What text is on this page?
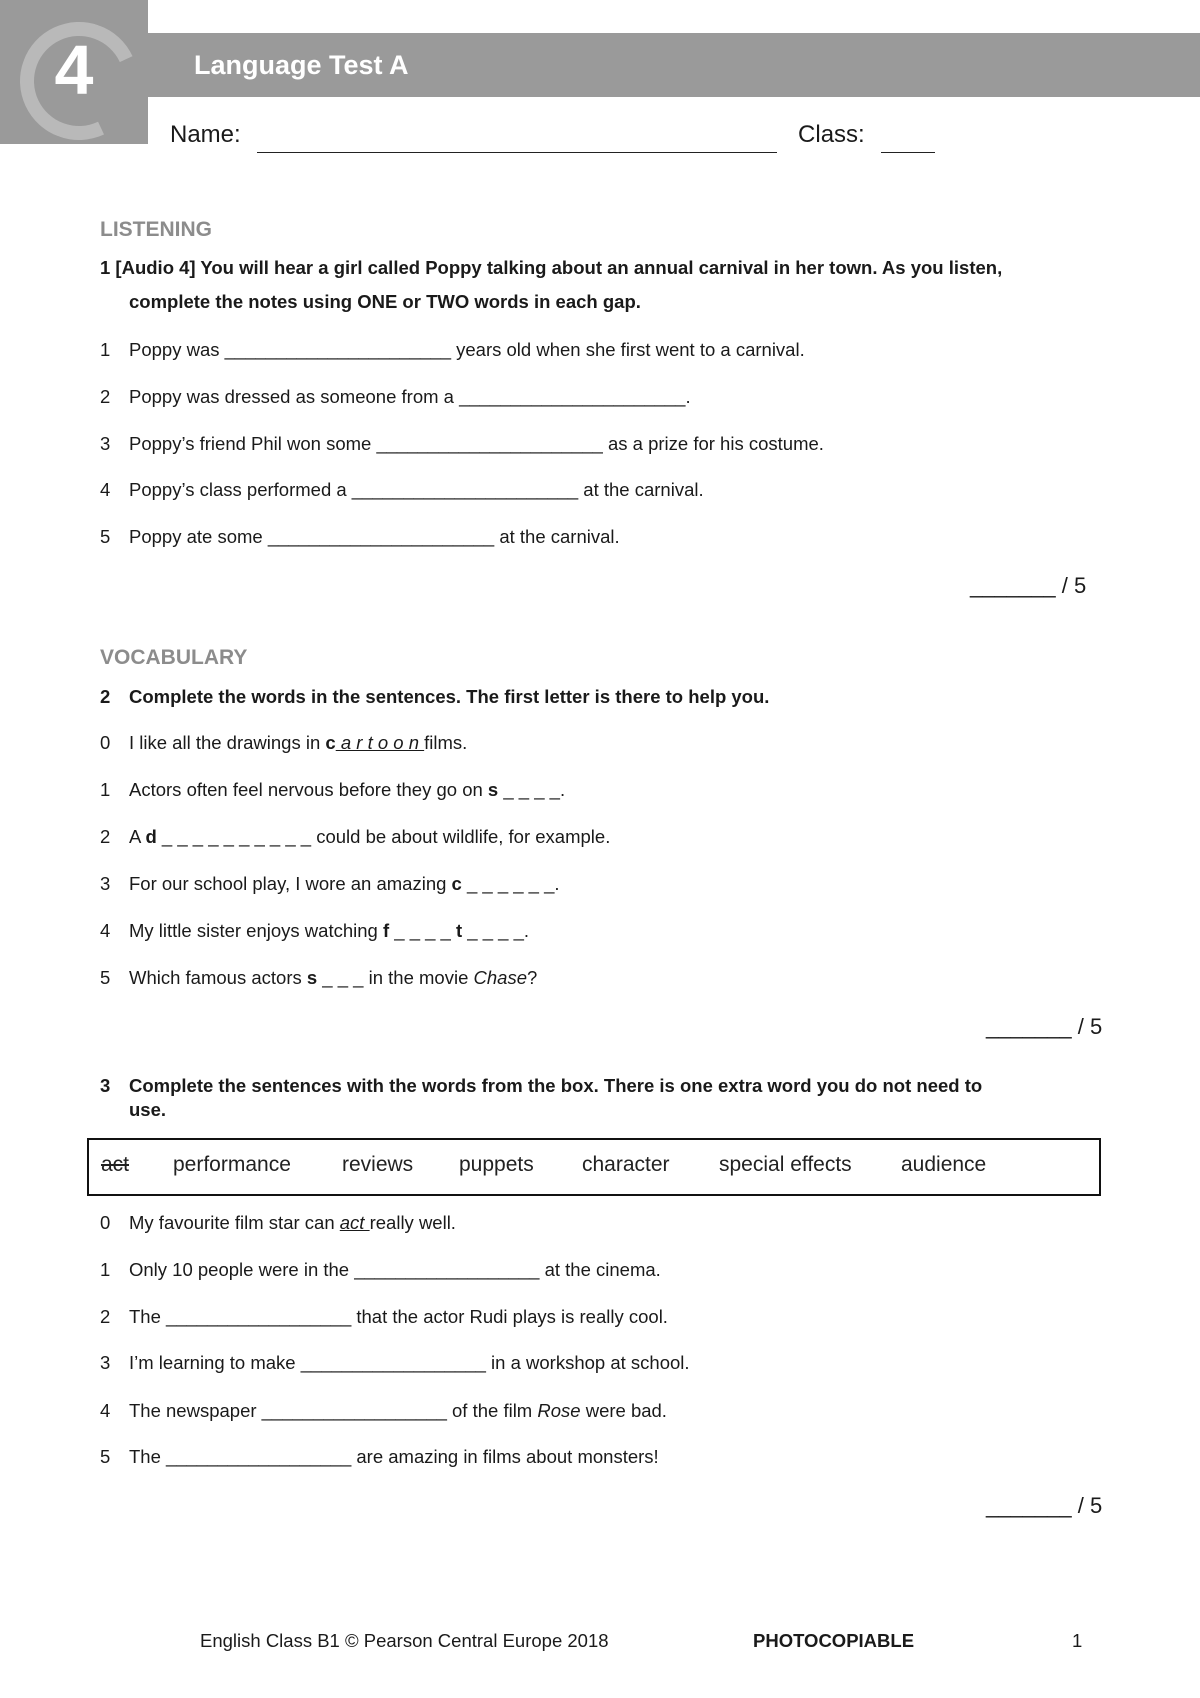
4	Language Test A
Name:	Class:
LISTENING
1 [Audio 4] You will hear a girl called Poppy talking about an annual carnival in her town. As you listen,
complete the notes using ONE or TWO words in each gap.
1 Poppy was ______________________ years old when she first went to a carnival.
2 Poppy was dressed as someone from a ______________________.
3 Poppy’s friend Phil won some ______________________ as a prize for his costume.
4 Poppy’s class performed a ______________________ at the carnival.
5 Poppy ate some ______________________ at the carnival.
_______ / 5
VOCABULARY
2 Complete the words in the sentences. The first letter is there to help you.
0 I like all the drawings in c a r t o o n films.
1 Actors often feel nervous before they go on s _ _ _ _.
2 A d _ _ _ _ _ _ _ _ _ _ could be about wildlife, for example.
3 For our school play, I wore an amazing c _ _ _ _ _ _.
4 My little sister enjoys watching f _ _ _ _ t _ _ _ _.
5 Which famous actors s _ _ _ in the movie Chase?
_______ / 5
3 Complete the sentences with the words from the box. There is one extra word you do not need to
use.
act performance reviews puppets character special effects audience
0 My favourite film star can act really well.
1 Only 10 people were in the __________________ at the cinema.
2 The __________________ that the actor Rudi plays is really cool.
3 I’m learning to make __________________ in a workshop at school.
4 The newspaper __________________ of the film Rose were bad.
5 The __________________ are amazing in films about monsters!
_______ / 5
English Class B1 © Pearson Central Europe 2018	PHOTOCOPIABLE	1
